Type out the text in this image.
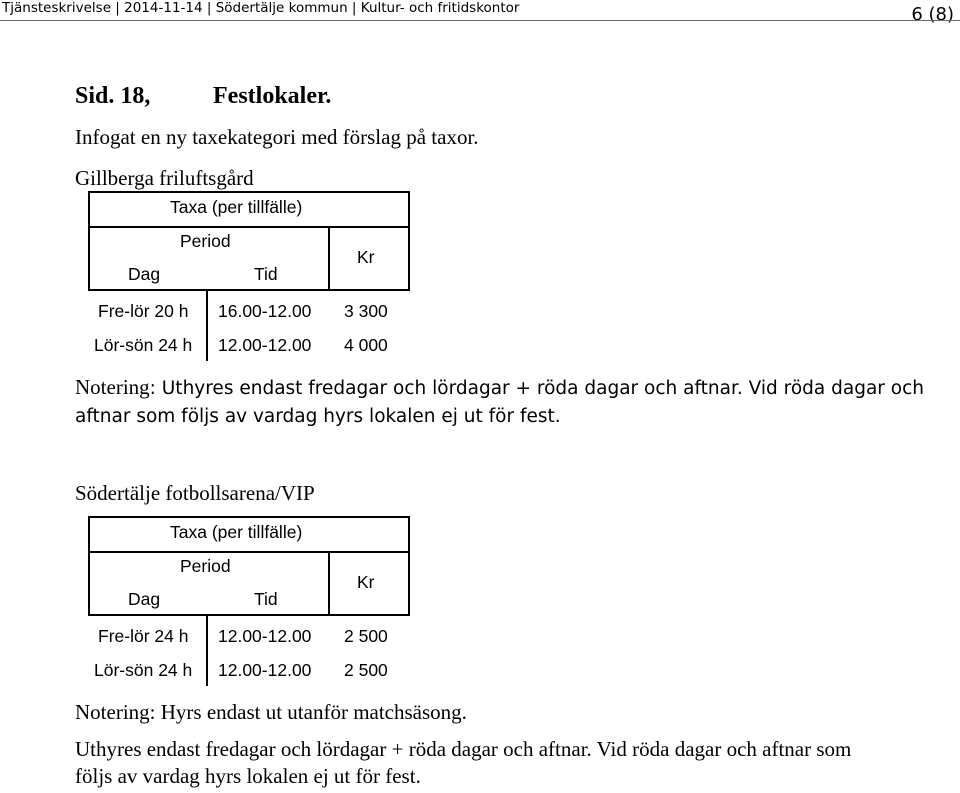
Tjänsteskrivelse | 2014-11-14 | Södertälje kommun | Kultur- och fritidskontor	6 (8)
Sid. 18,	Festlokaler.
Infogat en ny taxekategori med förslag på taxor.
Gillberga friluftsgård
Taxa (per tillfälle)
Period
Dag	Tid
Kr
Fre-lör 20 h 16.00-12.00 3 300
Lör-sön 24 h 12.00-12.00 4 000
Notering: Uthyres endast fredagar och lördagar + röda dagar och aftnar. Vid röda dagar och
aftnar som följs av vardag hyrs lokalen ej ut för fest.
Södertälje fotbollsarena/VIP
Taxa (per tillfälle)
Period
Dag	Tid
Kr
Fre-lör 24 h 12.00-12.00 2 500
Lör-sön 24 h 12.00-12.00 2 500
Notering: Hyrs endast ut utanför matchsäsong.
Uthyres endast fredagar och lördagar + röda dagar och aftnar. Vid röda dagar och aftnar som
följs av vardag hyrs lokalen ej ut för fest.
